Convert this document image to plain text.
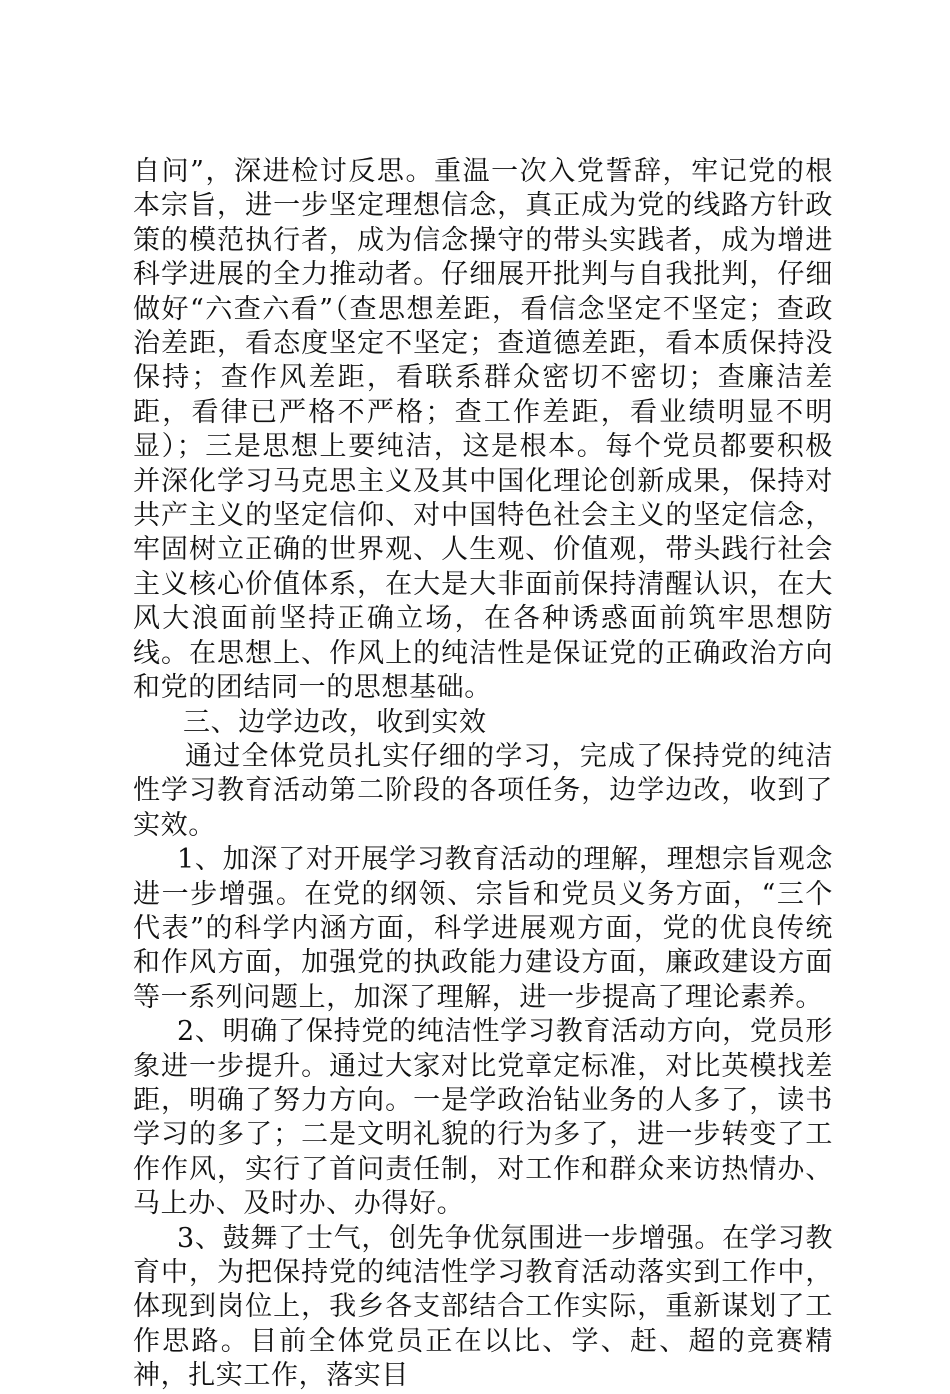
自问”，深进检讨反思。重温一次入党誓辞，牢记党的根本宗旨，进一步坚定理想信念，真正成为党的线路方针政策的模范执行者，成为信念操守的带头实践者，成为增进科学进展的全力推动者。仔细展开批判与自我批判，仔细做好“六查六看”（查思想差距，看信念坚定不坚定；查政治差距，看态度坚定不坚定；查道德差距，看本质保持没保持；查作风差距，看联系群众密切不密切；查廉洁差距，看律已严格不严格；查工作差距，看业绩明显不明显）；三是思想上要纯洁，这是根本。每个党员都要积极并深化学习马克思主义及其中国化理论创新成果，保持对共产主义的坚定信仰、对中国特色社会主义的坚定信念，牢固树立正确的世界观、人生观、价值观，带头践行社会主义核心价值体系，在大是大非面前保持清醒认识，在大风大浪面前坚持正确立场，在各种诱惑面前筑牢思想防线。在思想上、作风上的纯洁性是保证党的正确政治方向和党的团结同一的思想基础。

三、边学边改，收到实效

通过全体党员扎实仔细的学习，完成了保持党的纯洁性学习教育活动第二阶段的各项任务，边学边改，收到了实效。

1、加深了对开展学习教育活动的理解，理想宗旨观念进一步增强。在党的纲领、宗旨和党员义务方面，“三个代表”的科学内涵方面，科学进展观方面，党的优良传统和作风方面，加强党的执政能力建设方面，廉政建设方面等一系列问题上，加深了理解，进一步提高了理论素养。

2、明确了保持党的纯洁性学习教育活动方向，党员形象进一步提升。通过大家对比党章定标准，对比英模找差距，明确了努力方向。一是学政治钻业务的人多了，读书学习的多了；二是文明礼貌的行为多了，进一步转变了工作作风，实行了首问责任制，对工作和群众来访热情办、马上办、及时办、办得好。

3、鼓舞了士气，创先争优氛围进一步增强。在学习教育中，为把保持党的纯洁性学习教育活动落实到工作中，体现到岗位上，我乡各支部结合工作实际，重新谋划了工作思路。目前全体党员正在以比、学、赶、超的竞赛精神，扎实工作，落实目
